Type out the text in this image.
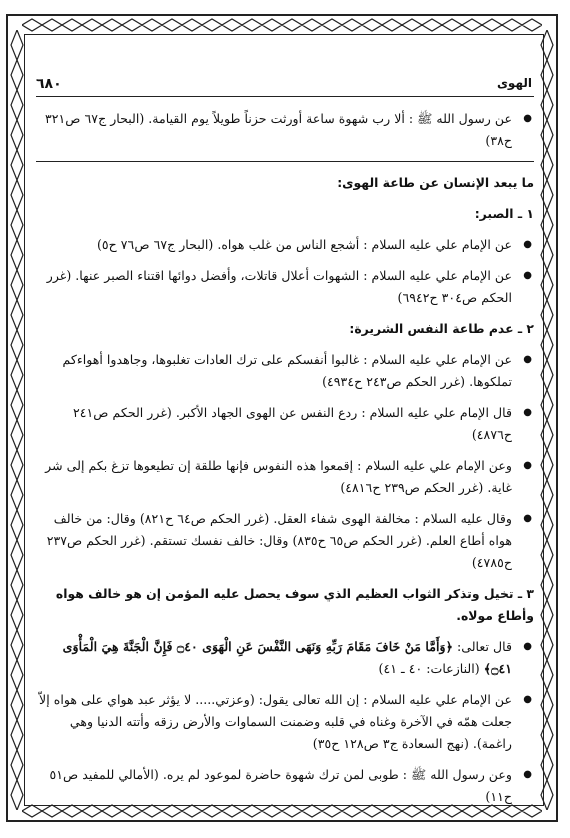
٦٨٠	الهوى

● عن رسول الله ﷺ : ألا رب شهوة ساعة أورثت حزناً طويلاً يوم القيامة. (البحار ج٦٧ ص٣٢١ ح٣٨)

ما يبعد الإنسان عن طاعة الهوى:

١ ـ الصبر:

● عن الإمام علي عليه السلام : أشجع الناس من غلب هواه. (البحار ج٦٧ ص٧٦ ح٥)

● عن الإمام علي عليه السلام : الشهوات أعلال قاتلات، وأفضل دوائها اقتناء الصبر عنها. (غرر الحكم ص٣٠٤ ح٦٩٤٢)

٢ ـ عدم طاعة النفس الشريرة:

● عن الإمام علي عليه السلام : غالبوا أنفسكم على ترك العادات تغلبوها، وجاهدوا أهواءكم تملكوها. (غرر الحكم ص٢٤٣ ح٤٩٣٤)

● قال الإمام علي عليه السلام : ردع النفس عن الهوى الجهاد الأكبر. (غرر الحكم ص٢٤١ ح٤٨٧٦)

● وعن الإمام علي عليه السلام : إقمعوا هذه النفوس فإنها طلقة إن تطيعوها تزغ بكم إلى شر غاية. (غرر الحكم ص٢٣٩ ح٤٨١٦)

● وقال عليه السلام : مخالفة الهوى شفاء العقل. (غرر الحكم ص٦٤ ح٨٢١) وقال: من خالف هواه أطاع العلم. (غرر الحكم ص٦٥ ح٨٣٥) وقال: خالف نفسك تستقم. (غرر الحكم ص٢٣٧ ح٤٧٨٥)

٣ ـ تخيل وتذكر الثواب العظيم الذي سوف يحصل عليه المؤمن إن هو خالف هواه وأطاع مولاه.

● قال تعالى: ﴿وَأَمَّا مَنْ خَافَ مَقَامَ رَبِّهِ وَنَهَى النَّفْسَ عَنِ الْهَوَى ۝٤٠ فَإِنَّ الْجَنَّةَ هِيَ الْمَأْوَى ۝٤١﴾ (النازعات: ٤٠ ـ ٤١)

● عن الإمام علي عليه السلام : إن الله تعالى يقول: (وعزتي..... لا يؤثر عبد هواي على هواه إلاّ جعلت همّه في الآخرة وغناه في قلبه وضمنت السماوات والأرض رزقه وأتته الدنيا وهي راغمة). (نهج السعادة ج٣ ص١٢٨ ح٣٥)

● وعن رسول الله ﷺ : طوبى لمن ترك شهوة حاضرة لموعود لم يره. (الأمالي للمفيد ص٥١ ح١١)
